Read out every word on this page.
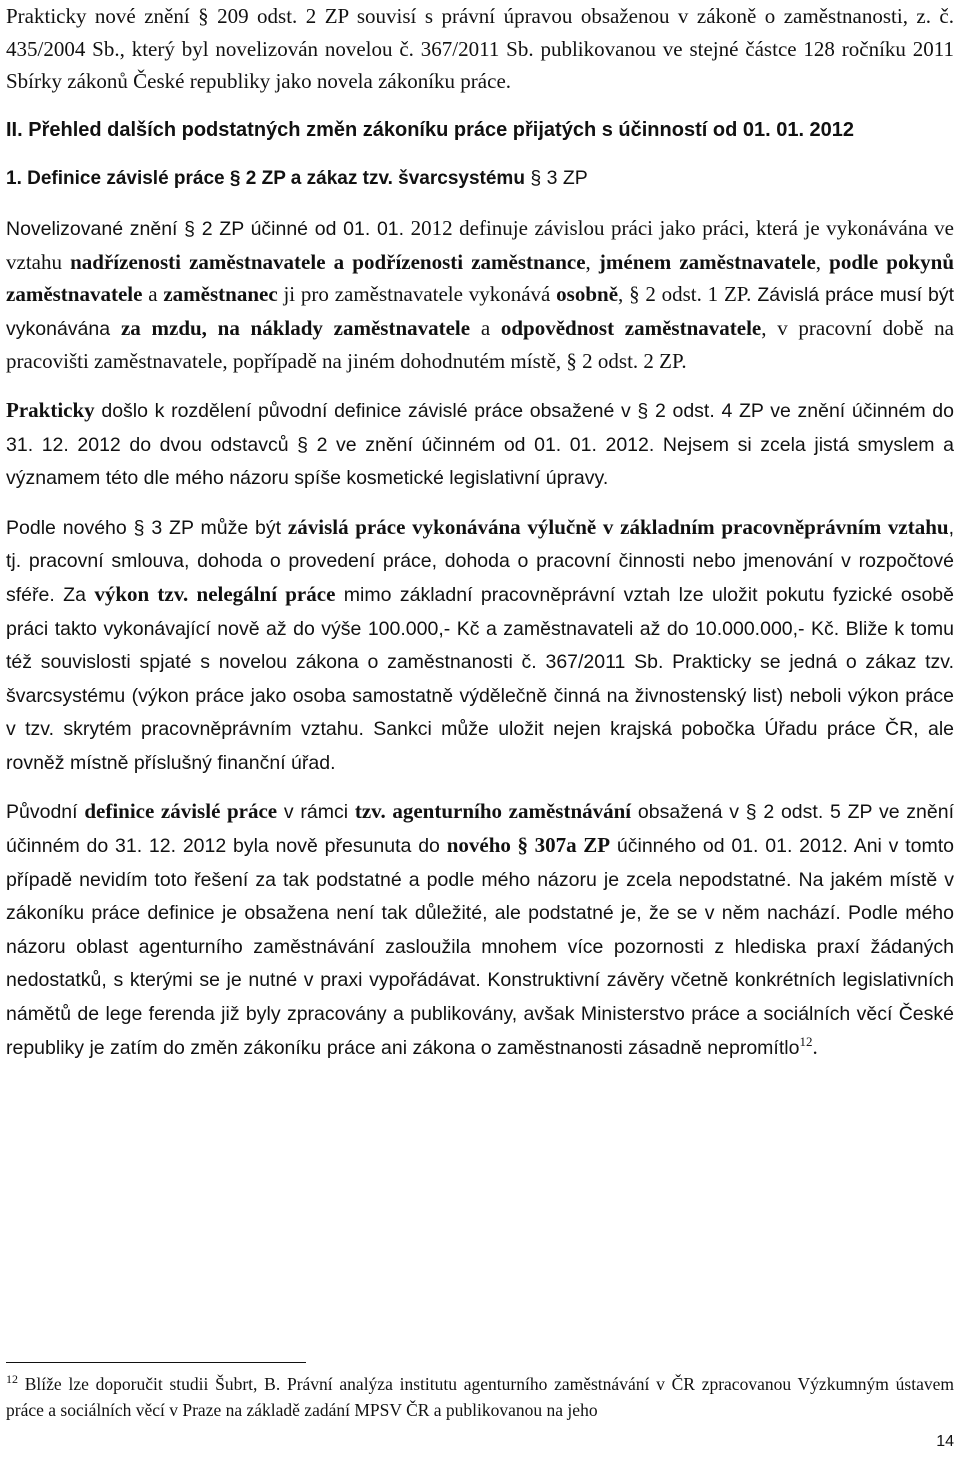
Prakticky nové znění § 209 odst. 2 ZP souvisí s právní úpravou obsaženou v zákoně o zaměstnanosti, z. č. 435/2004 Sb., který byl novelizován novelou č. 367/2011 Sb. publikovanou ve stejné částce 128 ročníku 2011 Sbírky zákonů České republiky jako novela zákoníku práce.

II. Přehled dalších podstatných změn zákoníku práce přijatých s účinností od 01. 01. 2012

1. Definice závislé práce § 2 ZP a zákaz tzv. švarcsystému § 3 ZP

Novelizované znění § 2 ZP účinné od 01. 01. 2012 definuje závislou práci jako práci, která je vykonávána ve vztahu nadřízenosti zaměstnavatele a podřízenosti zaměstnance, jménem zaměstnavatele, podle pokynů zaměstnavatele a zaměstnanec ji pro zaměstnavatele vykonává osobně, § 2 odst. 1 ZP. Závislá práce musí být vykonávána za mzdu, na náklady zaměstnavatele a odpovědnost zaměstnavatele, v pracovní době na pracovišti zaměstnavatele, popřípadě na jiném dohodnutém místě, § 2 odst. 2 ZP.

Prakticky došlo k rozdělení původní definice závislé práce obsažené v § 2 odst. 4 ZP ve znění účinném do 31. 12. 2012 do dvou odstavců § 2 ve znění účinném od 01. 01. 2012. Nejsem si zcela jistá smyslem a významem této dle mého názoru spíše kosmetické legislativní úpravy.

Podle nového § 3 ZP může být závislá práce vykonávána výlučně v základním pracovněprávním vztahu, tj. pracovní smlouva, dohoda o provedení práce, dohoda o pracovní činnosti nebo jmenování v rozpočtové sféře. Za výkon tzv. nelegální práce mimo základní pracovněprávní vztah lze uložit pokutu fyzické osobě práci takto vykonávající nově až do výše 100.000,- Kč a zaměstnavateli až do 10.000.000,- Kč. Bliže k tomu též souvislosti spjaté s novelou zákona o zaměstnanosti č. 367/2011 Sb. Prakticky se jedná o zákaz tzv. švarcsystému (výkon práce jako osoba samostatně výdělečně činná na živnostenský list) neboli výkon práce v tzv. skrytém pracovněprávním vztahu. Sankci může uložit nejen krajská pobočka Úřadu práce ČR, ale rovněž místně příslušný finanční úřad.

Původní definice závislé práce v rámci tzv. agenturního zaměstnávání obsažená v § 2 odst. 5 ZP ve znění účinném do 31. 12. 2012 byla nově přesunuta do nového § 307a ZP účinného od 01. 01. 2012. Ani v tomto případě nevidím toto řešení za tak podstatné a podle mého názoru je zcela nepodstatné. Na jakém místě v zákoníku práce definice je obsažena není tak důležité, ale podstatné je, že se v něm nachází. Podle mého názoru oblast agenturního zaměstnávání zasloužila mnohem více pozornosti z hlediska praxí žádaných nedostatků, s kterými se je nutné v praxi vypořádávat. Konstruktivní závěry včetně konkrétních legislativních námětů de lege ferenda již byly zpracovány a publikovány, avšak Ministerstvo práce a sociálních věcí České republiky je zatím do změn zákoníku práce ani zákona o zaměstnanosti zásadně nepromítlo$^{12}$.

$^{12}$ Blíže lze doporučit studii Šubrt, B. Právní analýza institutu agenturního zaměstnávání v ČR zpracovanou Výzkumným ústavem práce a sociálních věcí v Praze na základě zadání MPSV ČR a publikovanou na jeho
14
